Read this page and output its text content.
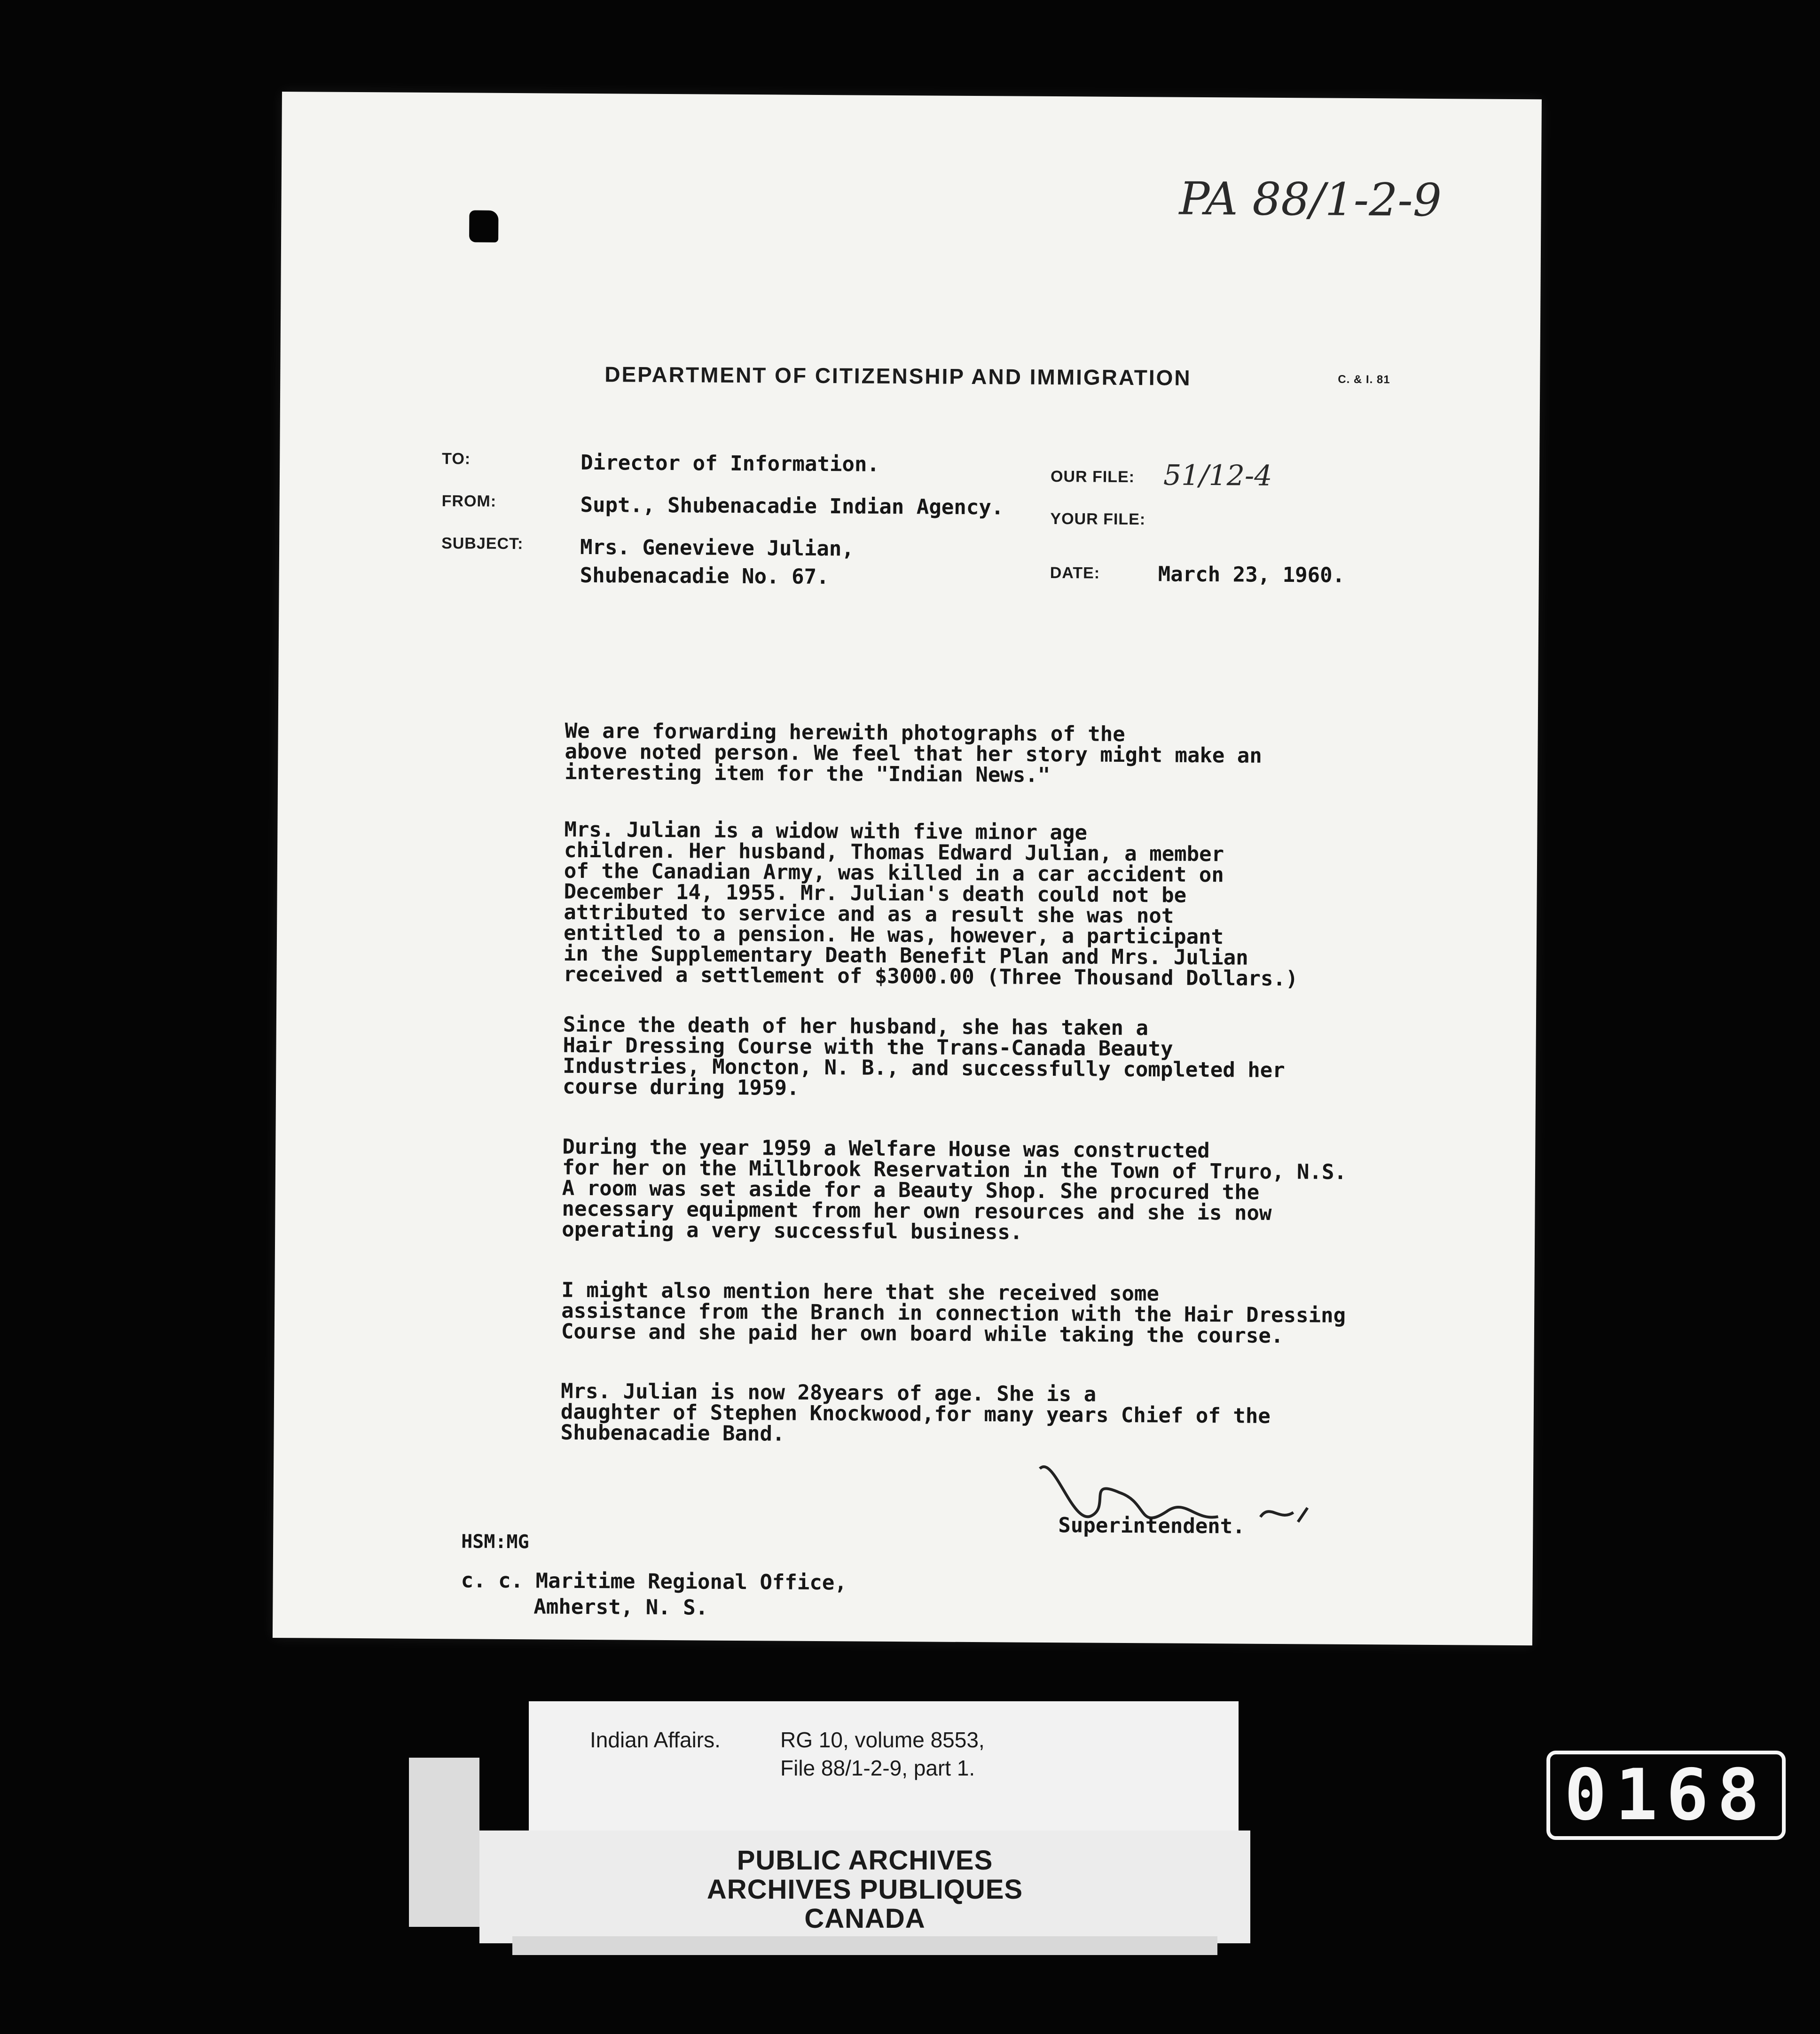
PA 88/1-2-9
C. & I. 81
DEPARTMENT OF CITIZENSHIP AND IMMIGRATION
TO:	Director of Information.
FROM:	Supt., Shubenacadie Indian Agency.
SUBJECT:	Mrs. Genevieve Julian,
Shubenacadie No. 67.
OUR FILE: 51/12-4
YOUR FILE:
DATE:	March 23, 1960.
We are forwarding herewith photographs of the
above noted person. We feel that her story might make an
interesting item for the "Indian News."
Mrs. Julian is a widow with five minor age
children. Her husband, Thomas Edward Julian, a member
of the Canadian Army, was killed in a car accident on
December 14, 1955. Mr. Julian's death could not be
attributed to service and as a result she was not
entitled to a pension. He was, however, a participant
in the Supplementary Death Benefit Plan and Mrs. Julian
received a settlement of $3000.00 (Three Thousand Dollars.)
Since the death of her husband, she has taken a
Hair Dressing Course with the Trans-Canada Beauty
Industries, Moncton, N. B., and successfully completed her
course during 1959.
During the year 1959 a Welfare House was constructed
for her on the Millbrook Reservation in the Town of Truro, N.S.
A room was set aside for a Beauty Shop. She procured the
necessary equipment from her own resources and she is now
operating a very successful business.
I might also mention here that she received some
assistance from the Branch in connection with the Hair Dressing
Course and she paid her own board while taking the course.
Mrs. Julian is now 28years of age. She is a
daughter of Stephen Knockwood,for many years Chief of the
Shubenacadie Band.
Superintendent.
HSM:MG
c. c. Maritime Regional Office,
Amherst, N. S.
Indian Affairs.	RG 10, volume 8553,
File 88/1-2-9, part 1.
PUBLIC ARCHIVES
ARCHIVES PUBLIQUES
CANADA
0168
